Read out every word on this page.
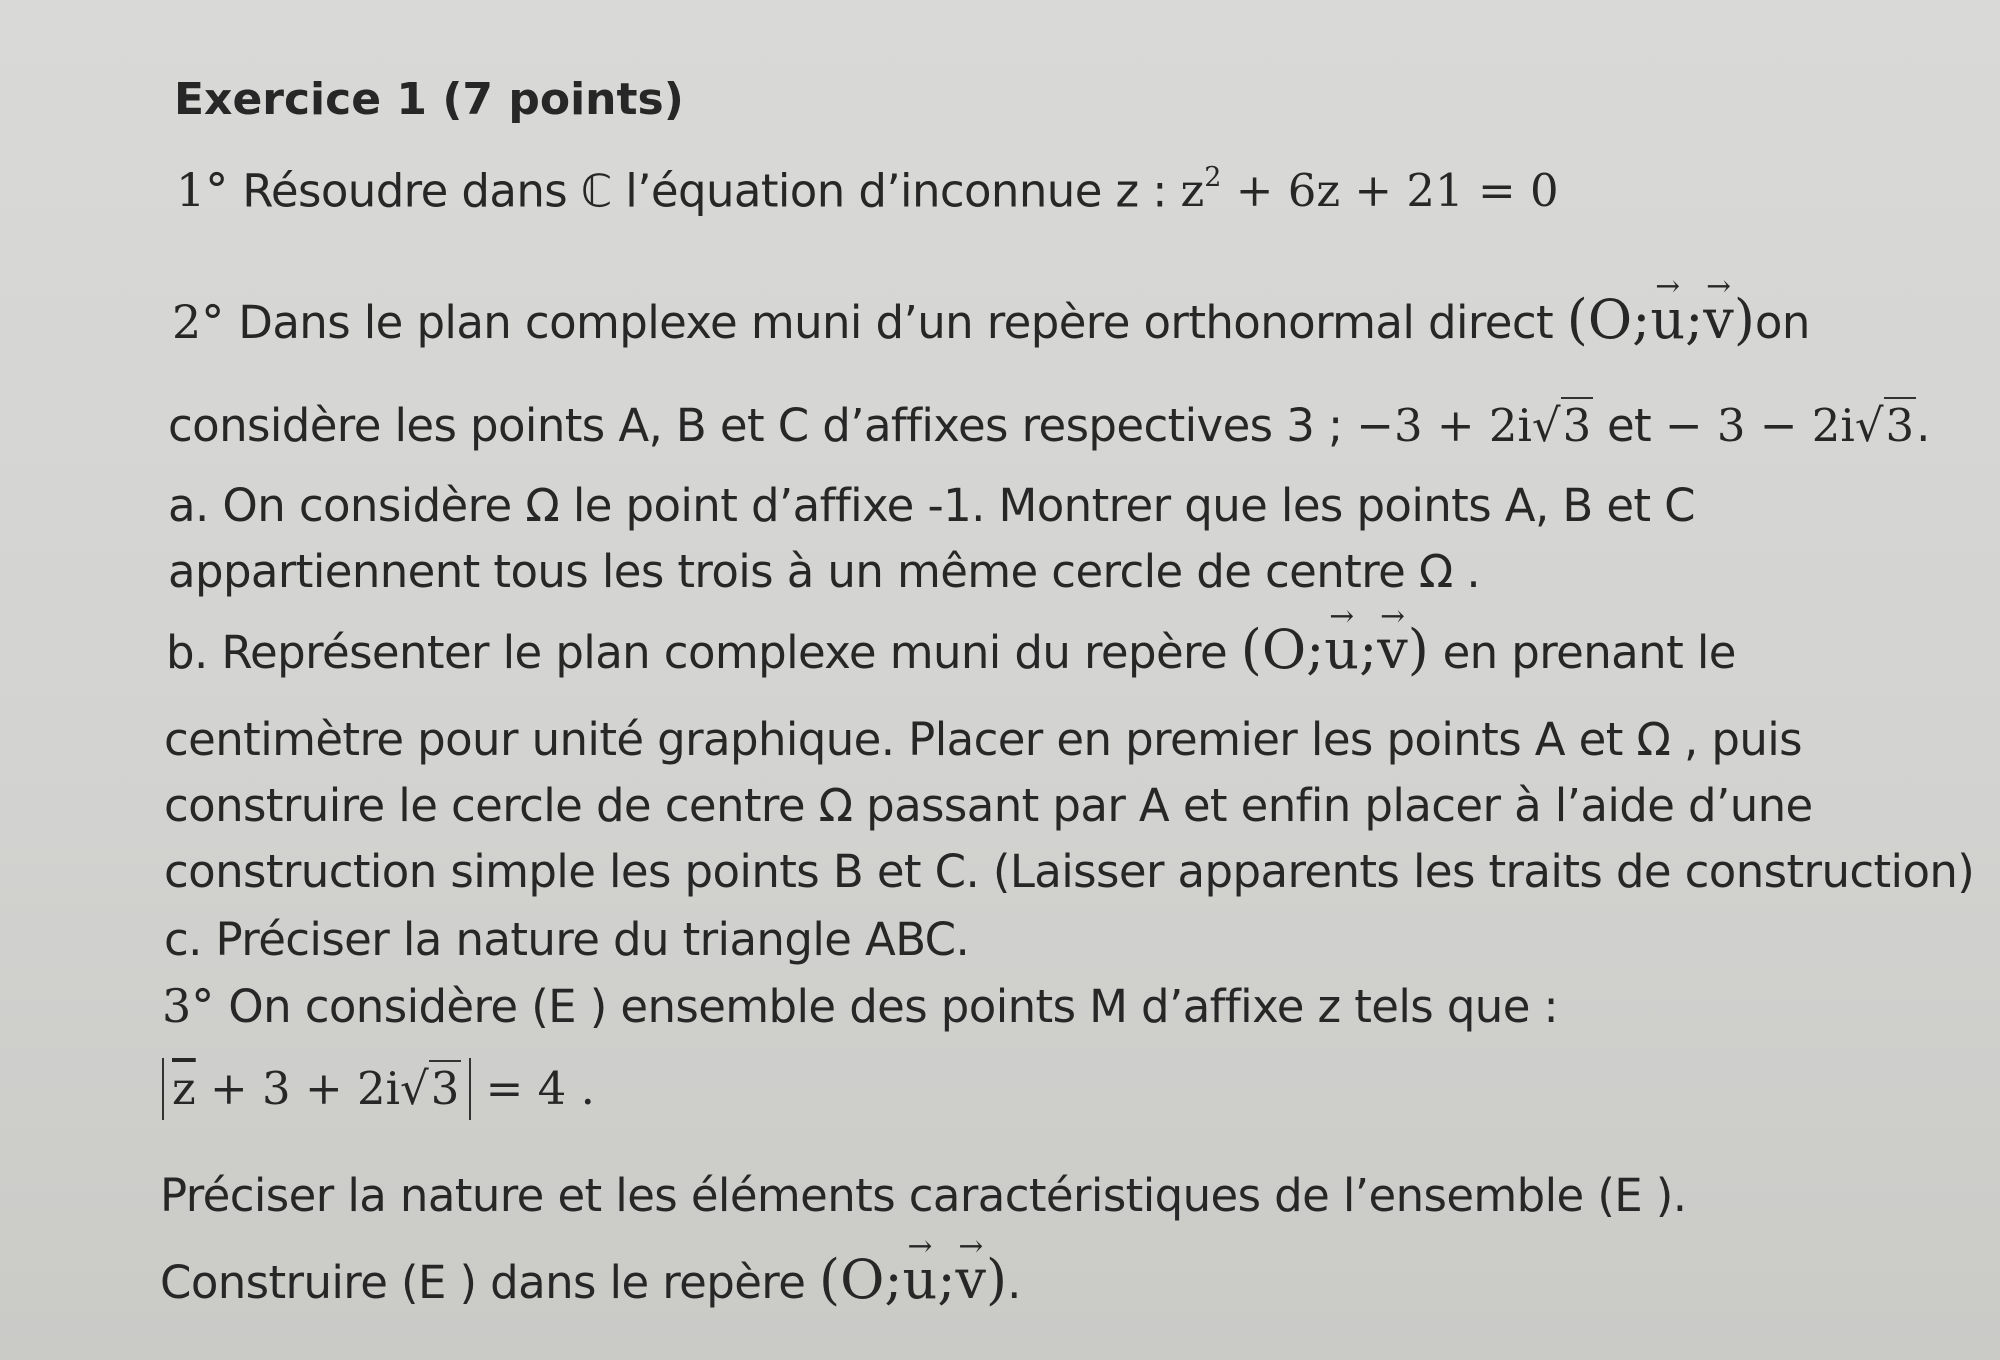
Exercice 1 (7 points)
1° Résoudre dans ℂ l’équation d’inconnue z : $z^2 + 6z + 21 = 0$
2° Dans le plan complexe muni d’un repère orthonormal direct (O;u →;v →)on
considère les points A, B et C d’affixes respectives 3 ; −3 + 2i√3 et − 3 − 2i√3.
a. On considère Ω le point d’affixe -1. Montrer que les points A, B et C
appartiennent tous les trois à un même cercle de centre Ω .
b. Représenter le plan complexe muni du repère (O;u →;v →) en prenant le
centimètre pour unité graphique. Placer en premier les points A et Ω , puis
construire le cercle de centre Ω passant par A et enfin placer à l’aide d’une
construction simple les points B et C. (Laisser apparents les traits de construction)
c. Préciser la nature du triangle ABC.
3° On considère (E ) ensemble des points M d’affixe z tels que :
$\overline{z} + 3 + 2i√3 = 4$ .
Préciser la nature et les éléments caractéristiques de l’ensemble (E ).
Construire (E ) dans le repère (O;u →;v →).
